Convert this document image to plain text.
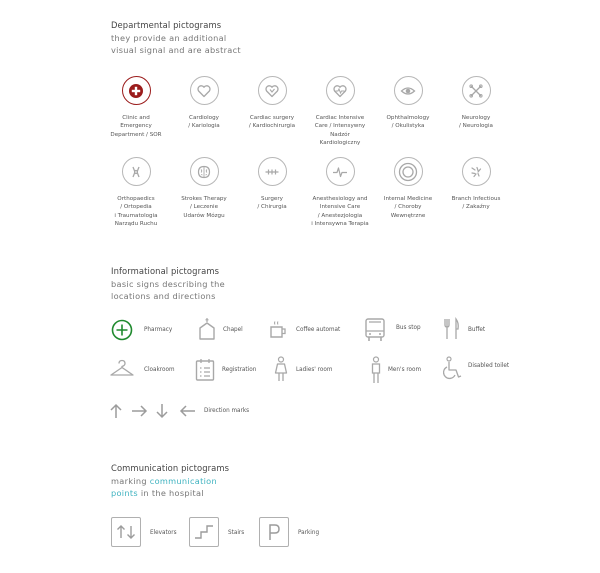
Departmental pictograms
they provide an additional
visual signal and are abstract
Clinic and
Emergency
Department / SOR
Cardiology
/ Kariologia
Cardiac surgery
/ Kardiochirurgia
Cardiac Intensive
Care / Intensywny
Nadzór
Kardiologiczny
Ophthalmology
/ Okulistyka
Neurology
/ Neurologia
Orthopaedics
/ Ortopedia
i Traumatologia
Narządu Ruchu
Strokes Therapy
/ Leczenie
Udarów Mózgu
Surgery
/ Chirurgia
Anesthesiology and
Intensive Care
/ Anestezjologia
i Intensywna Terapia
Internal Medicine
/ Choroby
Wewnętrzne
Branch Infectious
/ Zakaźny
Informational pictograms
basic signs describing the
locations and directions
Pharmacy	Chapel	Coffee automat	Bus stop	Buffet
Cloakroom	Registration	Ladies' room	Men's room
Disabled toilet
Direction marks
Communication pictograms
marking communication
points in the hospital
Elevators	Stairs	Parking
